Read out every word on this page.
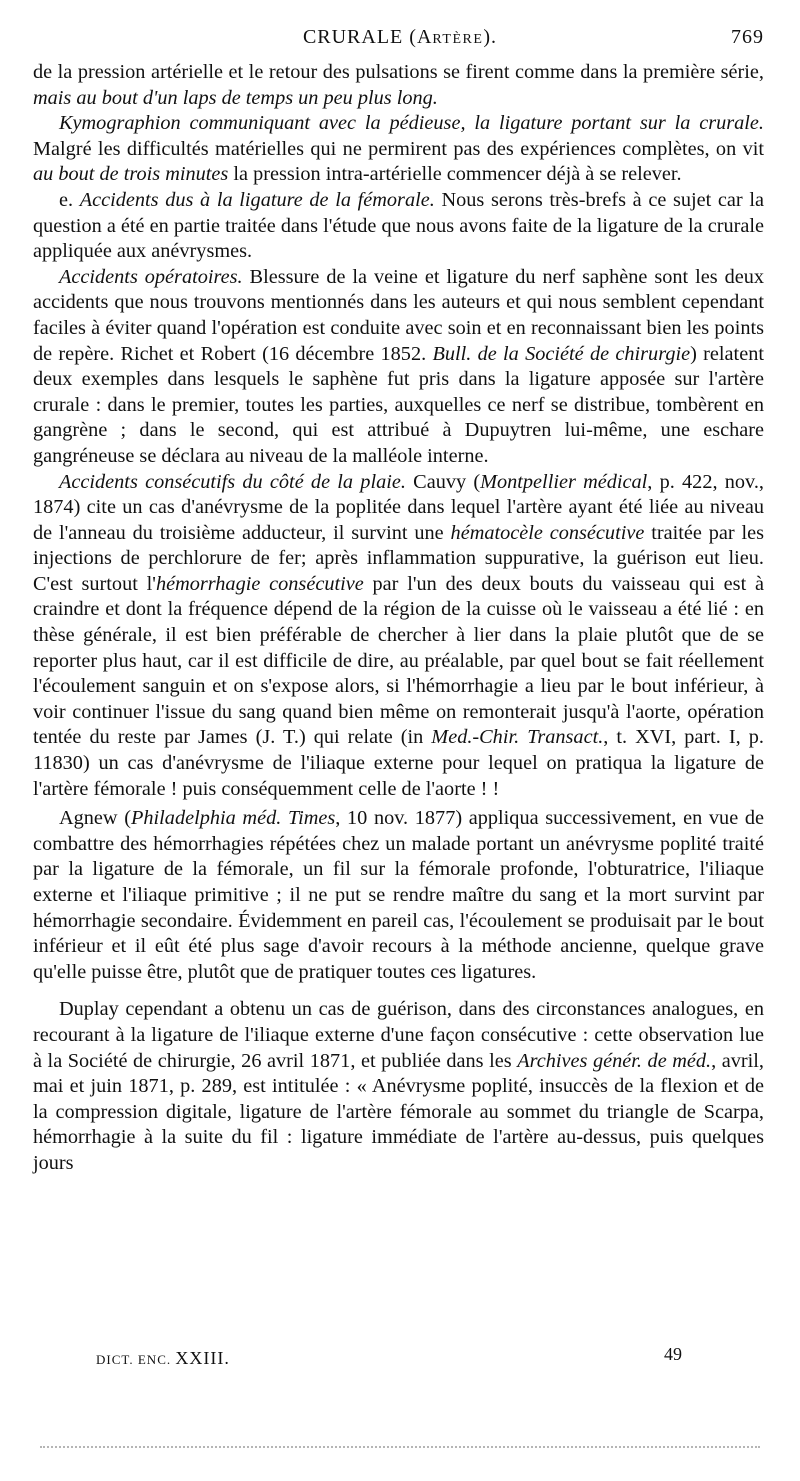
CRURALE (ARTÈRE).	769

de la pression artérielle et le retour des pulsations se firent comme dans la première série, mais au bout d'un laps de temps un peu plus long.

Kymographion communiquant avec la pédieuse, la ligature portant sur la crurale. Malgré les difficultés matérielles qui ne permirent pas des expériences complètes, on vit au bout de trois minutes la pression intra-artérielle commencer déjà à se relever.

e. Accidents dus à la ligature de la fémorale. Nous serons très-brefs à ce sujet car la question a été en partie traitée dans l'étude que nous avons faite de la ligature de la crurale appliquée aux anévrysmes.

Accidents opératoires. Blessure de la veine et ligature du nerf saphène sont les deux accidents que nous trouvons mentionnés dans les auteurs et qui nous semblent cependant faciles à éviter quand l'opération est conduite avec soin et en reconnaissant bien les points de repère. Richet et Robert (16 décembre 1852. Bull. de la Société de chirurgie) relatent deux exemples dans lesquels le saphène fut pris dans la ligature apposée sur l'artère crurale : dans le premier, toutes les parties, auxquelles ce nerf se distribue, tombèrent en gangrène ; dans le second, qui est attribué à Dupuytren lui-même, une eschare gangréneuse se déclara au niveau de la malléole interne.

Accidents consécutifs du côté de la plaie. Cauvy (Montpellier médical, p. 422, nov., 1874) cite un cas d'anévrysme de la poplitée dans lequel l'artère ayant été liée au niveau de l'anneau du troisième adducteur, il survint une hématocèle consécutive traitée par les injections de perchlorure de fer; après inflammation suppurative, la guérison eut lieu. C'est surtout l'hémorrhagie consécutive par l'un des deux bouts du vaisseau qui est à craindre et dont la fréquence dépend de la région de la cuisse où le vaisseau a été lié : en thèse générale, il est bien préférable de chercher à lier dans la plaie plutôt que de se reporter plus haut, car il est difficile de dire, au préalable, par quel bout se fait réellement l'écoulement sanguin et on s'expose alors, si l'hémorrhagie a lieu par le bout inférieur, à voir continuer l'issue du sang quand bien même on remonterait jusqu'à l'aorte, opération tentée du reste par James (J. T.) qui relate (in Med.-Chir. Transact., t. XVI, part. I, p. 11830) un cas d'anévrysme de l'iliaque externe pour lequel on pratiqua la ligature de l'artère fémorale ! puis conséquemment celle de l'aorte ! !

Agnew (Philadelphia méd. Times, 10 nov. 1877) appliqua successivement, en vue de combattre des hémorrhagies répétées chez un malade portant un anévrysme poplité traité par la ligature de la fémorale, un fil sur la fémorale profonde, l'obturatrice, l'iliaque externe et l'iliaque primitive ; il ne put se rendre maître du sang et la mort survint par hémorrhagie secondaire. Évidemment en pareil cas, l'écoulement se produisait par le bout inférieur et il eût été plus sage d'avoir recours à la méthode ancienne, quelque grave qu'elle puisse être, plutôt que de pratiquer toutes ces ligatures.

Duplay cependant a obtenu un cas de guérison, dans des circonstances analogues, en recourant à la ligature de l'iliaque externe d'une façon consécutive : cette observation lue à la Société de chirurgie, 26 avril 1871, et publiée dans les Archives génér. de méd., avril, mai et juin 1871, p. 289, est intitulée : « Anévrysme poplité, insuccès de la flexion et de la compression digitale, ligature de l'artère fémorale au sommet du triangle de Scarpa, hémorrhagie à la suite du fil : ligature immédiate de l'artère au-dessus, puis quelques jours

DICT. ENC. XXIII.	49
